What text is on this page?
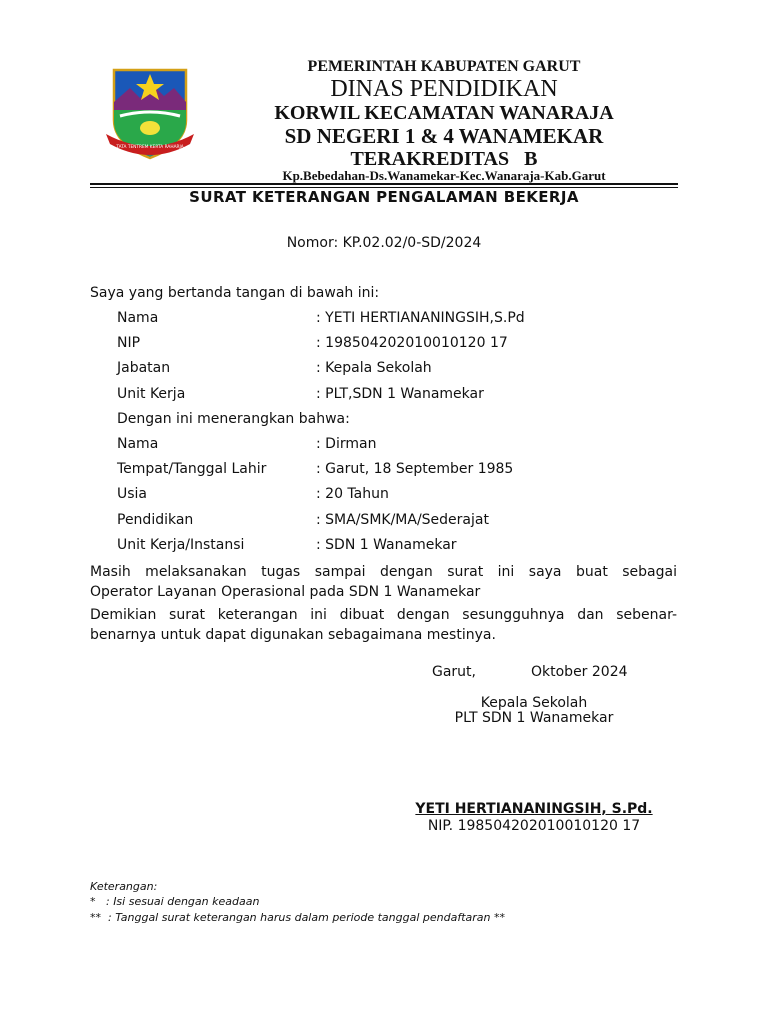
TATA TENTREM KERTA RAHARJA
PEMERINTAH KABUPATEN GARUT
DINAS PENDIDIKAN
KORWIL KECAMATAN WANARAJA
SD NEGERI 1 & 4 WANAMEKAR
TERAKREDITAS   B
Kp.Bebedahan-Ds.Wanamekar-Kec.Wanaraja-Kab.Garut
SURAT KETERANGAN PENGALAMAN BEKERJA
Nomor: KP.02.02/0-SD/2024
Saya yang bertanda tangan di bawah ini:
Nama	: YETI HERTIANANINGSIH,S.Pd
NIP	: 198504202010010120 17
Jabatan	: Kepala Sekolah
Unit Kerja	: PLT,SDN 1 Wanamekar
Dengan ini menerangkan bahwa:
Nama	: Dirman
Tempat/Tanggal Lahir	: Garut, 18 September 1985
Usia	: 20 Tahun
Pendidikan	: SMA/SMK/MA/Sederajat
Unit Kerja/Instansi	: SDN 1 Wanamekar
Masih melaksanakan tugas sampai dengan surat ini saya buat sebagai
Operator Layanan Operasional pada SDN 1 Wanamekar
Demikian surat keterangan ini dibuat dengan sesungguhnya dan sebenar-
benarnya untuk dapat digunakan sebagaimana mestinya.
Garut,	Oktober 2024
Kepala Sekolah
PLT SDN 1 Wanamekar
YETI HERTIANANINGSIH, S.Pd.
NIP. 198504202010010120 17
Keterangan:
*   : Isi sesuai dengan keadaan
**  : Tanggal surat keterangan harus dalam periode tanggal pendaftaran **
